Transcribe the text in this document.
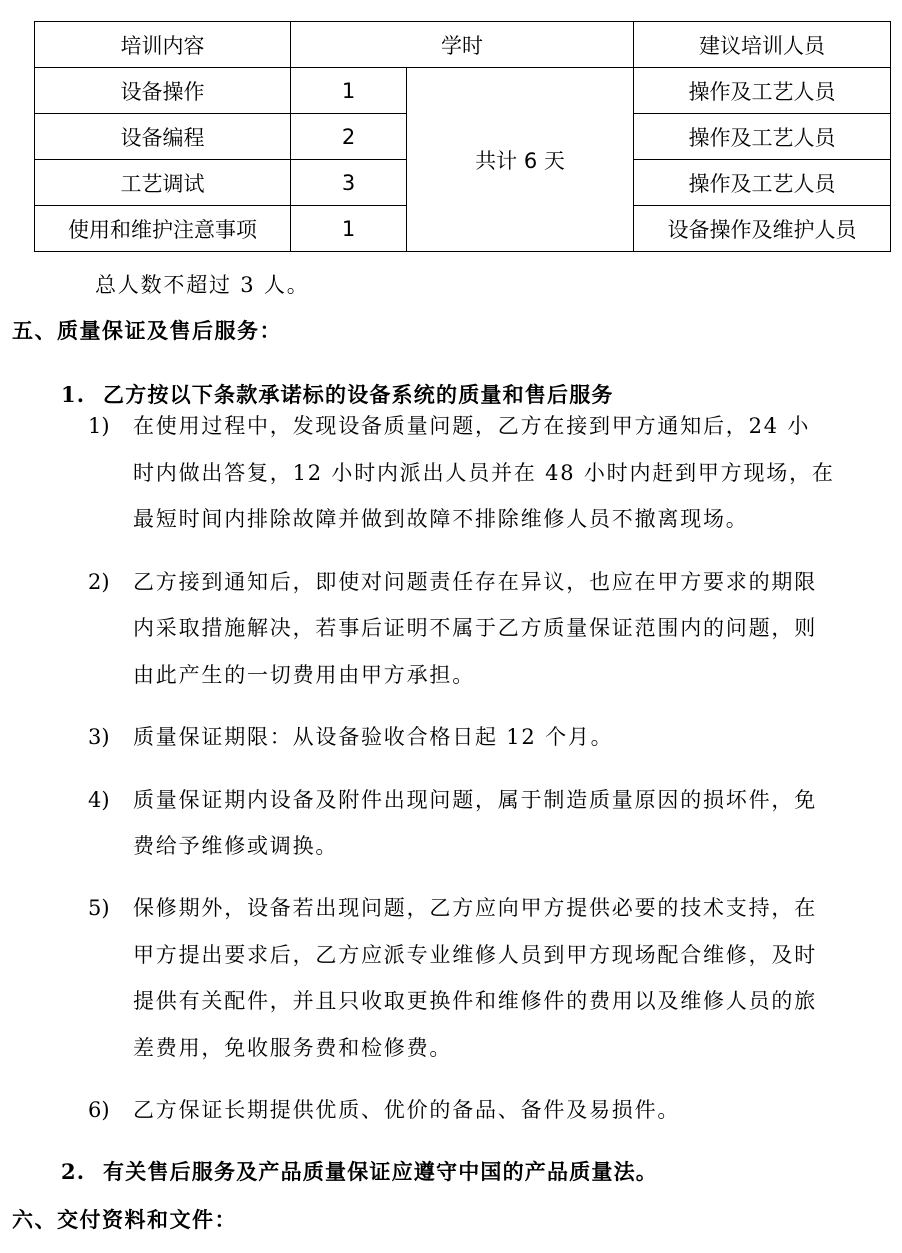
培训内容	学时		建议培训人员
设备操作	1	共计 6 天	操作及工艺人员
设备编程	2		操作及工艺人员
工艺调试	3		操作及工艺人员
使用和维护注意事项	1		设备操作及维护人员
总人数不超过 3 人。
五、质量保证及售后服务：
1. 乙方按以下条款承诺标的设备系统的质量和售后服务
1) 在使用过程中，发现设备质量问题，乙方在接到甲方通知后，24 小
时内做出答复，12 小时内派出人员并在 48 小时内赶到甲方现场，在
最短时间内排除故障并做到故障不排除维修人员不撤离现场。
2) 乙方接到通知后，即使对问题责任存在异议，也应在甲方要求的期限
内采取措施解决，若事后证明不属于乙方质量保证范围内的问题，则
由此产生的一切费用由甲方承担。
3) 质量保证期限：从设备验收合格日起 12 个月。
4) 质量保证期内设备及附件出现问题，属于制造质量原因的损坏件，免
费给予维修或调换。
5) 保修期外，设备若出现问题，乙方应向甲方提供必要的技术支持，在
甲方提出要求后，乙方应派专业维修人员到甲方现场配合维修，及时
提供有关配件，并且只收取更换件和维修件的费用以及维修人员的旅
差费用，免收服务费和检修费。
6) 乙方保证长期提供优质、优价的备品、备件及易损件。
2. 有关售后服务及产品质量保证应遵守中国的产品质量法。
六、交付资料和文件：
